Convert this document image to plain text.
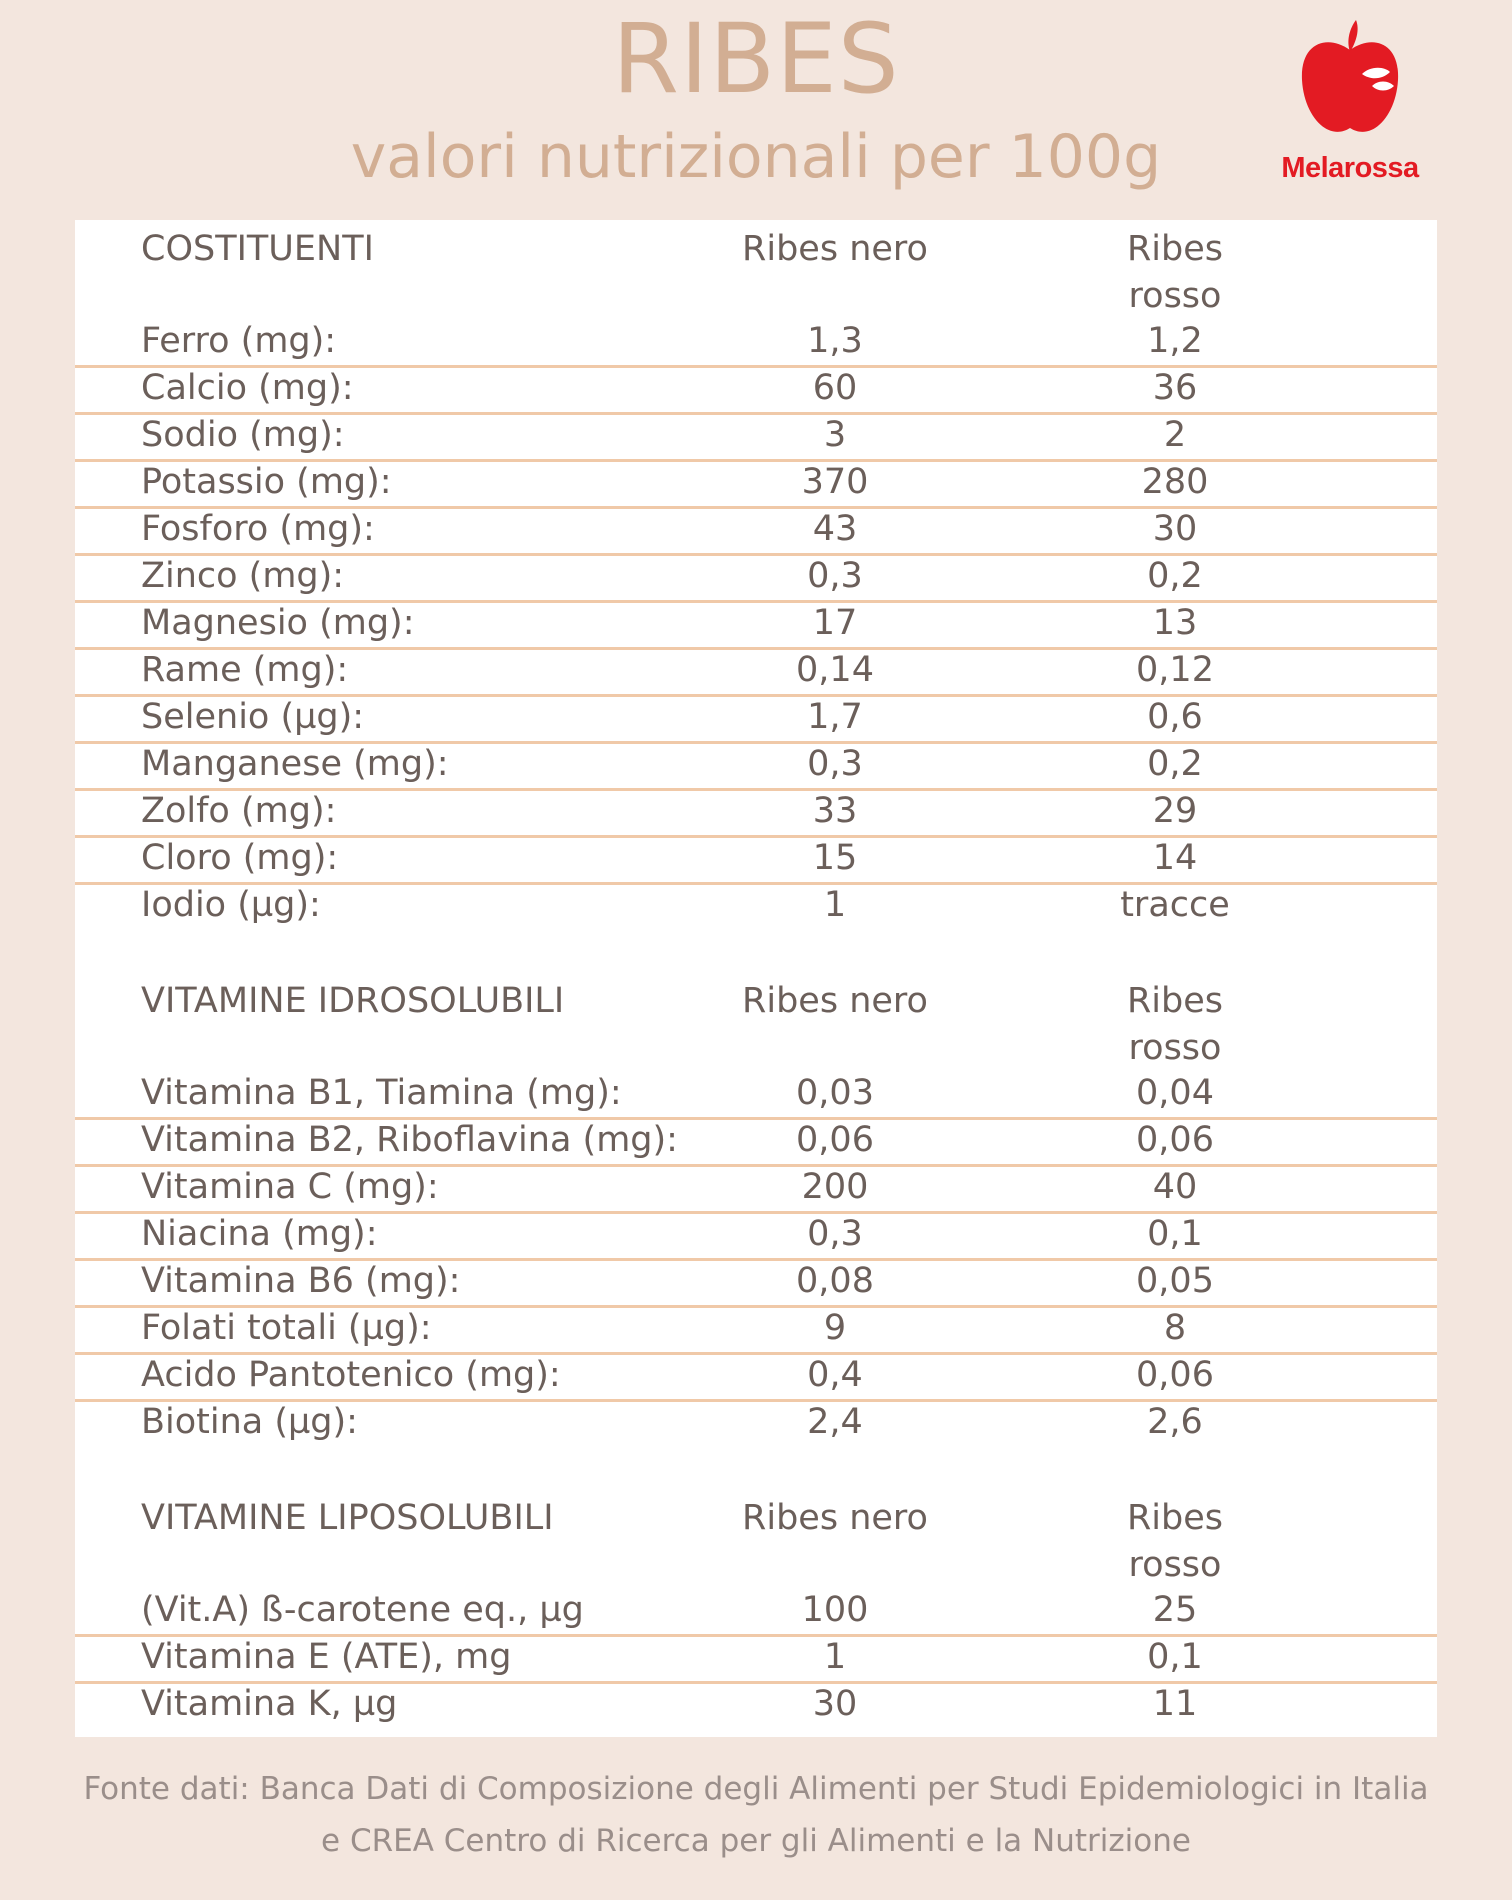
RIBES
valori nutrizionali per 100g	Melarossa
COSTITUENTI	Ribes nero	Ribes rosso
Ferro (mg):	1,3	1,2
Calcio (mg):	60	36
Sodio (mg):	3	2
Potassio (mg):	370	280
Fosforo (mg):	43	30
Zinco (mg):	0,3	0,2
Magnesio (mg):	17	13
Rame (mg):	0,14	0,12
Selenio (µg):	1,7	0,6
Manganese (mg):	0,3	0,2
Zolfo (mg):	33	29
Cloro (mg):	15	14
Iodio (µg):	1	tracce
VITAMINE IDROSOLUBILI	Ribes nero	Ribes rosso
Vitamina B1, Tiamina (mg):	0,03	0,04
Vitamina B2, Riboflavina (mg):	0,06	0,06
Vitamina C (mg):	200	40
Niacina (mg):	0,3	0,1
Vitamina B6 (mg):	0,08	0,05
Folati totali (µg):	9	8
Acido Pantotenico (mg):	0,4	0,06
Biotina (µg):	2,4	2,6
VITAMINE LIPOSOLUBILI	Ribes nero	Ribes rosso
(Vit.A) ß-carotene eq., µg	100	25
Vitamina E (ATE), mg	1	0,1
Vitamina K, µg	30	11
Fonte dati: Banca Dati di Composizione degli Alimenti per Studi Epidemiologici in Italia
e CREA Centro di Ricerca per gli Alimenti e la Nutrizione
